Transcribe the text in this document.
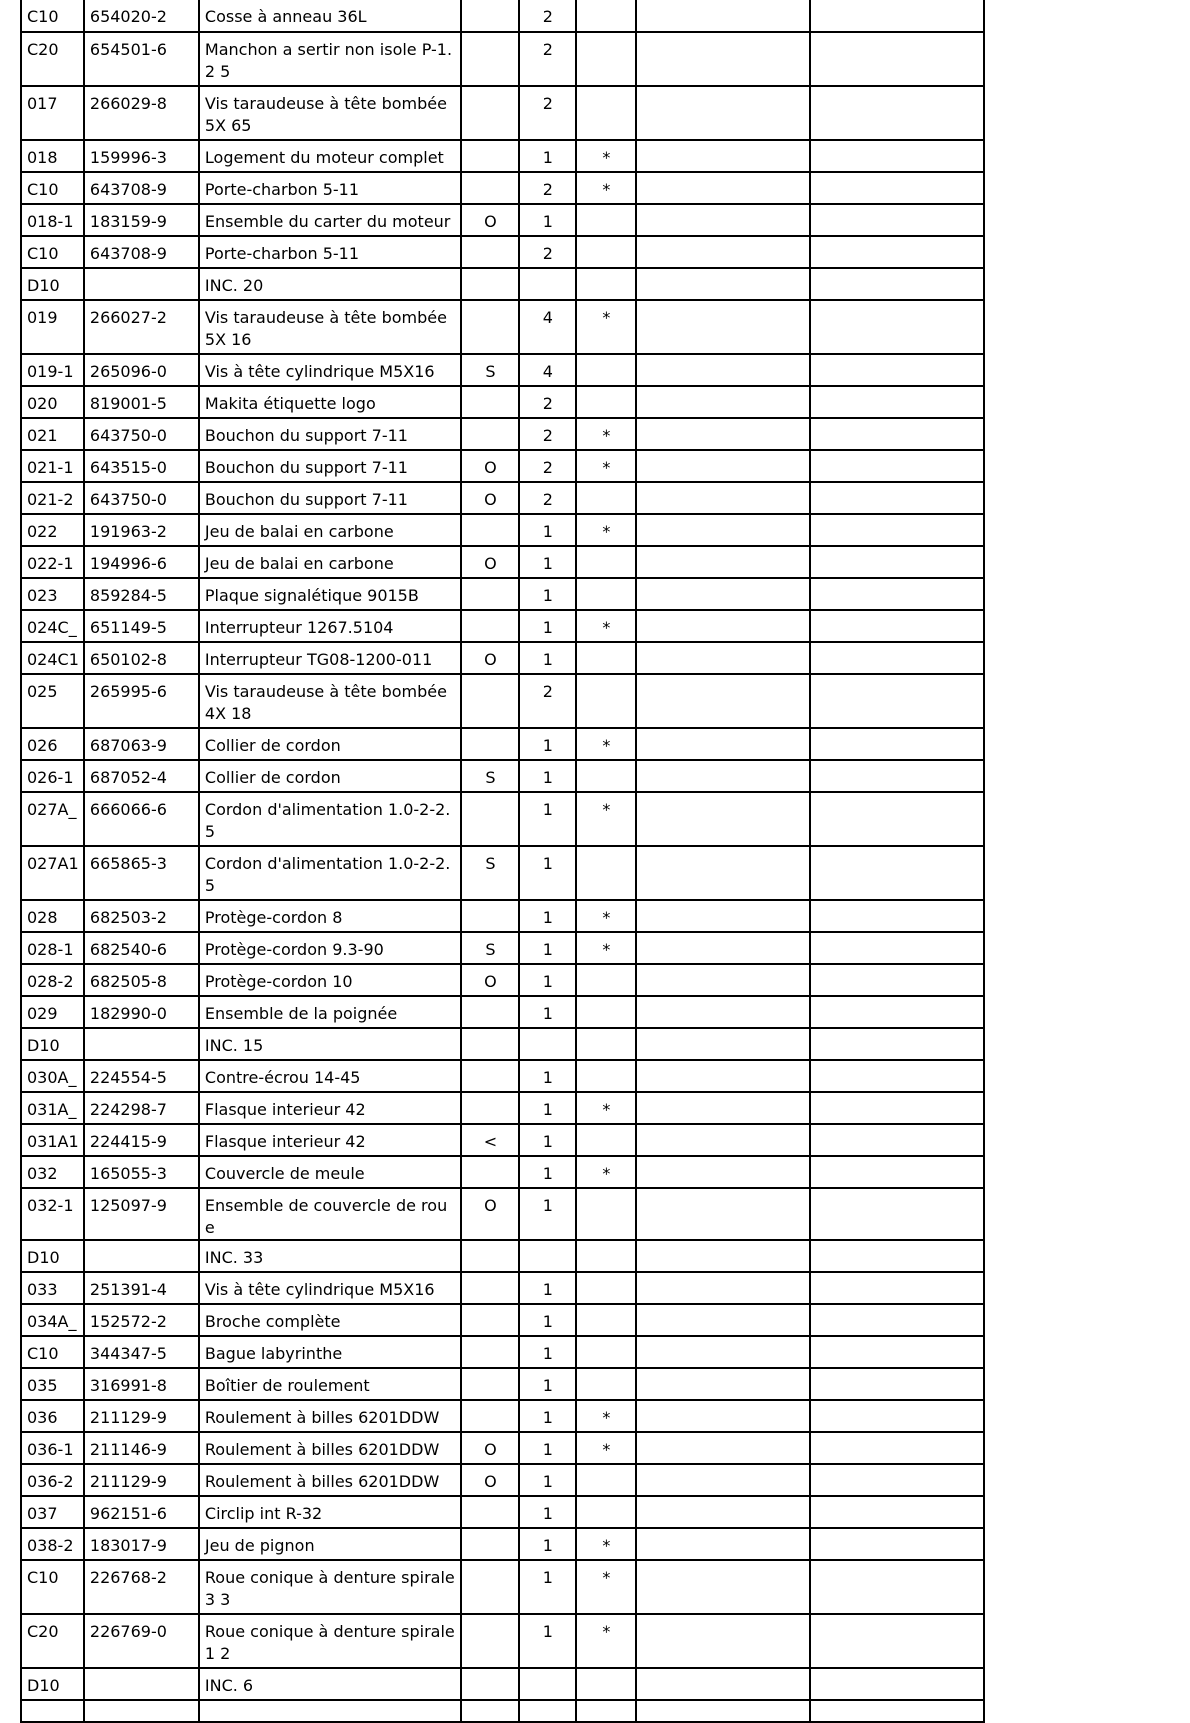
C10	654020-2	Cosse à anneau 36L		2			
C20	654501-6	Manchon a sertir non isole P-1.2 5		2			
017	266029-8	Vis taraudeuse à tête bombée 5X 65		2			
018	159996-3	Logement du moteur complet		1	*		
C10	643708-9	Porte-charbon 5-11		2	*		
018-1	183159-9	Ensemble du carter du moteur	O	1			
C10	643708-9	Porte-charbon 5-11		2			
D10		INC. 20					
019	266027-2	Vis taraudeuse à tête bombée 5X 16		4	*		
019-1	265096-0	Vis à tête cylindrique M5X16	S	4			
020	819001-5	Makita étiquette logo		2			
021	643750-0	Bouchon du support 7-11		2	*		
021-1	643515-0	Bouchon du support 7-11	O	2	*		
021-2	643750-0	Bouchon du support 7-11	O	2			
022	191963-2	Jeu de balai en carbone		1	*		
022-1	194996-6	Jeu de balai en carbone	O	1			
023	859284-5	Plaque signalétique 9015B		1			
024C_	651149-5	Interrupteur 1267.5104		1	*		
024C1	650102-8	Interrupteur TG08-1200-011	O	1			
025	265995-6	Vis taraudeuse à tête bombée 4X 18		2			
026	687063-9	Collier de cordon		1	*		
026-1	687052-4	Collier de cordon	S	1			
027A_	666066-6	Cordon d'alimentation 1.0-2-2.5		1	*		
027A1	665865-3	Cordon d'alimentation 1.0-2-2.5	S	1			
028	682503-2	Protège-cordon 8		1	*		
028-1	682540-6	Protège-cordon 9.3-90	S	1	*		
028-2	682505-8	Protège-cordon 10	O	1			
029	182990-0	Ensemble de la poignée		1			
D10		INC. 15					
030A_	224554-5	Contre-écrou 14-45		1			
031A_	224298-7	Flasque interieur 42		1	*		
031A1	224415-9	Flasque interieur 42	<	1			
032	165055-3	Couvercle de meule		1	*		
032-1	125097-9	Ensemble de couvercle de roue	O	1			
D10		INC. 33					
033	251391-4	Vis à tête cylindrique M5X16		1			
034A_	152572-2	Broche complète		1			
C10	344347-5	Bague labyrinthe		1			
035	316991-8	Boîtier de roulement		1			
036	211129-9	Roulement à billes 6201DDW		1	*		
036-1	211146-9	Roulement à billes 6201DDW	O	1	*		
036-2	211129-9	Roulement à billes 6201DDW	O	1			
037	962151-6	Circlip int R-32		1			
038-2	183017-9	Jeu de pignon		1	*		
C10	226768-2	Roue conique à denture spirale 3 3		1	*		
C20	226769-0	Roue conique à denture spirale 1 2		1	*		
D10		INC. 6					
